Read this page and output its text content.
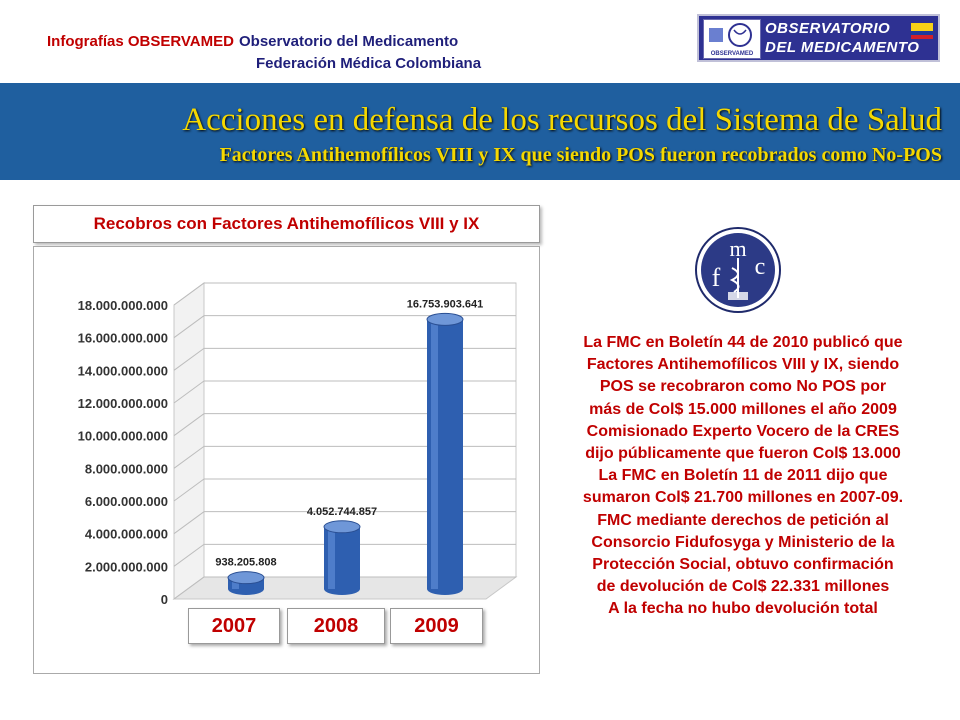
Infografías OBSERVAMED Observatorio del Medicamento
Federación Médica Colombiana
OBSERVAMED
OBSERVATORIO
DEL MEDICAMENTO
Acciones en defensa de los recursos del Sistema de Salud
Factores Antihemofílicos VIII y IX que siendo POS fueron recobrados como No-POS
Recobros con Factores Antihemofílicos VIII y IX
0
2.000.000.000
4.000.000.000
6.000.000.000
8.000.000.000
10.000.000.000
12.000.000.000
14.000.000.000
16.000.000.000
18.000.000.000
938.205.808
4.052.744.857
16.753.903.641
2007	2008	2009
m
f c
La FMC en Boletín 44 de 2010 publicó que
Factores Antihemofílicos VIII y IX, siendo
POS se recobraron como No POS por
más de Col$ 15.000 millones el año 2009
Comisionado Experto Vocero de la CRES
dijo públicamente que fueron Col$ 13.000
La FMC en Boletín 11 de 2011 dijo que
sumaron Col$ 21.700 millones en 2007-09.
FMC mediante derechos de petición al
Consorcio Fidufosyga y Ministerio de la
Protección Social, obtuvo confirmación
de devolución de Col$ 22.331 millones
A la fecha no hubo devolución total
